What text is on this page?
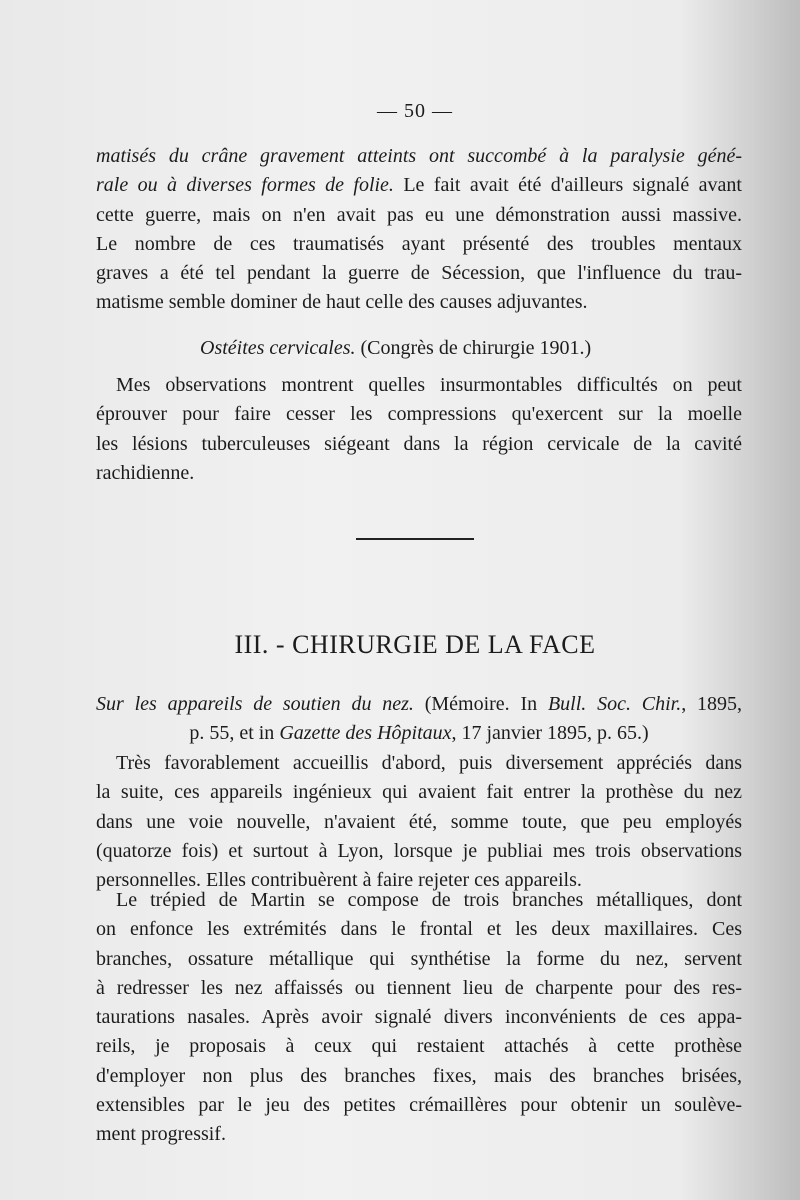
— 50 —
matisés du crâne gravement atteints ont succombé à la paralysie géné-
rale ou à diverses formes de folie. Le fait avait été d'ailleurs signalé avant
cette guerre, mais on n'en avait pas eu une démonstration aussi massive.
Le nombre de ces traumatisés ayant présenté des troubles mentaux
graves a été tel pendant la guerre de Sécession, que l'influence du trau-
matisme semble dominer de haut celle des causes adjuvantes.
Ostéites cervicales. (Congrès de chirurgie 1901.)
Mes observations montrent quelles insurmontables difficultés on peut
éprouver pour faire cesser les compressions qu'exercent sur la moelle
les lésions tuberculeuses siégeant dans la région cervicale de la cavité
rachidienne.
III. - CHIRURGIE DE LA FACE
Sur les appareils de soutien du nez. (Mémoire. In Bull. Soc. Chir., 1895,
p. 55, et in Gazette des Hôpitaux, 17 janvier 1895, p. 65.)
Très favorablement accueillis d'abord, puis diversement appréciés dans
la suite, ces appareils ingénieux qui avaient fait entrer la prothèse du nez
dans une voie nouvelle, n'avaient été, somme toute, que peu employés
(quatorze fois) et surtout à Lyon, lorsque je publiai mes trois observations
personnelles. Elles contribuèrent à faire rejeter ces appareils.
Le trépied de Martin se compose de trois branches métalliques, dont
on enfonce les extrémités dans le frontal et les deux maxillaires. Ces
branches, ossature métallique qui synthétise la forme du nez, servent
à redresser les nez affaissés ou tiennent lieu de charpente pour des res-
taurations nasales. Après avoir signalé divers inconvénients de ces appa-
reils, je proposais à ceux qui restaient attachés à cette prothèse
d'employer non plus des branches fixes, mais des branches brisées,
extensibles par le jeu des petites crémaillères pour obtenir un soulève-
ment progressif.
